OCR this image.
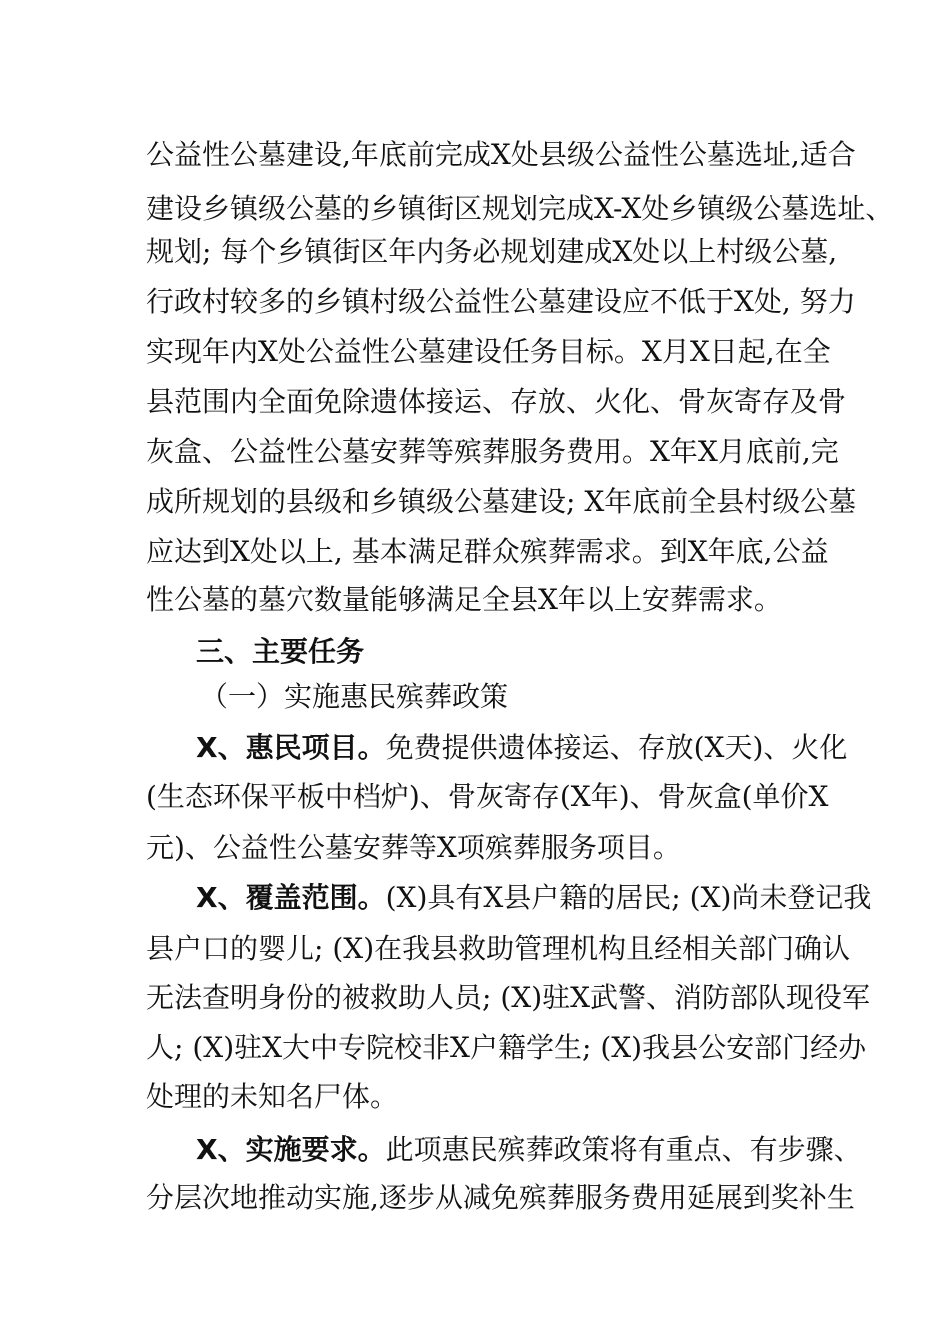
公益性公墓建设,年底前完成X处县级公益性公墓选址,适合
建设乡镇级公墓的乡镇街区规划完成X-X处乡镇级公墓选址、
规划; 每个乡镇街区年内务必规划建成X处以上村级公墓,
行政村较多的乡镇村级公益性公墓建设应不低于X处, 努力
实现年内X处公益性公墓建设任务目标。X月X日起,在全
县范围内全面免除遗体接运、存放、火化、骨灰寄存及骨
灰盒、公益性公墓安葬等殡葬服务费用。X年X月底前,完
成所规划的县级和乡镇级公墓建设; X年底前全县村级公墓
应达到X处以上, 基本满足群众殡葬需求。到X年底,公益
性公墓的墓穴数量能够满足全县X年以上安葬需求。
三、主要任务
（一）实施惠民殡葬政策
X、惠民项目。免费提供遗体接运、存放(X天)、火化
(生态环保平板中档炉)、骨灰寄存(X年)、骨灰盒(单价X
元)、公益性公墓安葬等X项殡葬服务项目。
X、覆盖范围。(X)具有X县户籍的居民; (X)尚未登记我
县户口的婴儿; (X)在我县救助管理机构且经相关部门确认
无法查明身份的被救助人员; (X)驻X武警、消防部队现役军
人; (X)驻X大中专院校非X户籍学生; (X)我县公安部门经办
处理的未知名尸体。
X、实施要求。此项惠民殡葬政策将有重点、有步骤、
分层次地推动实施,逐步从减免殡葬服务费用延展到奖补生
